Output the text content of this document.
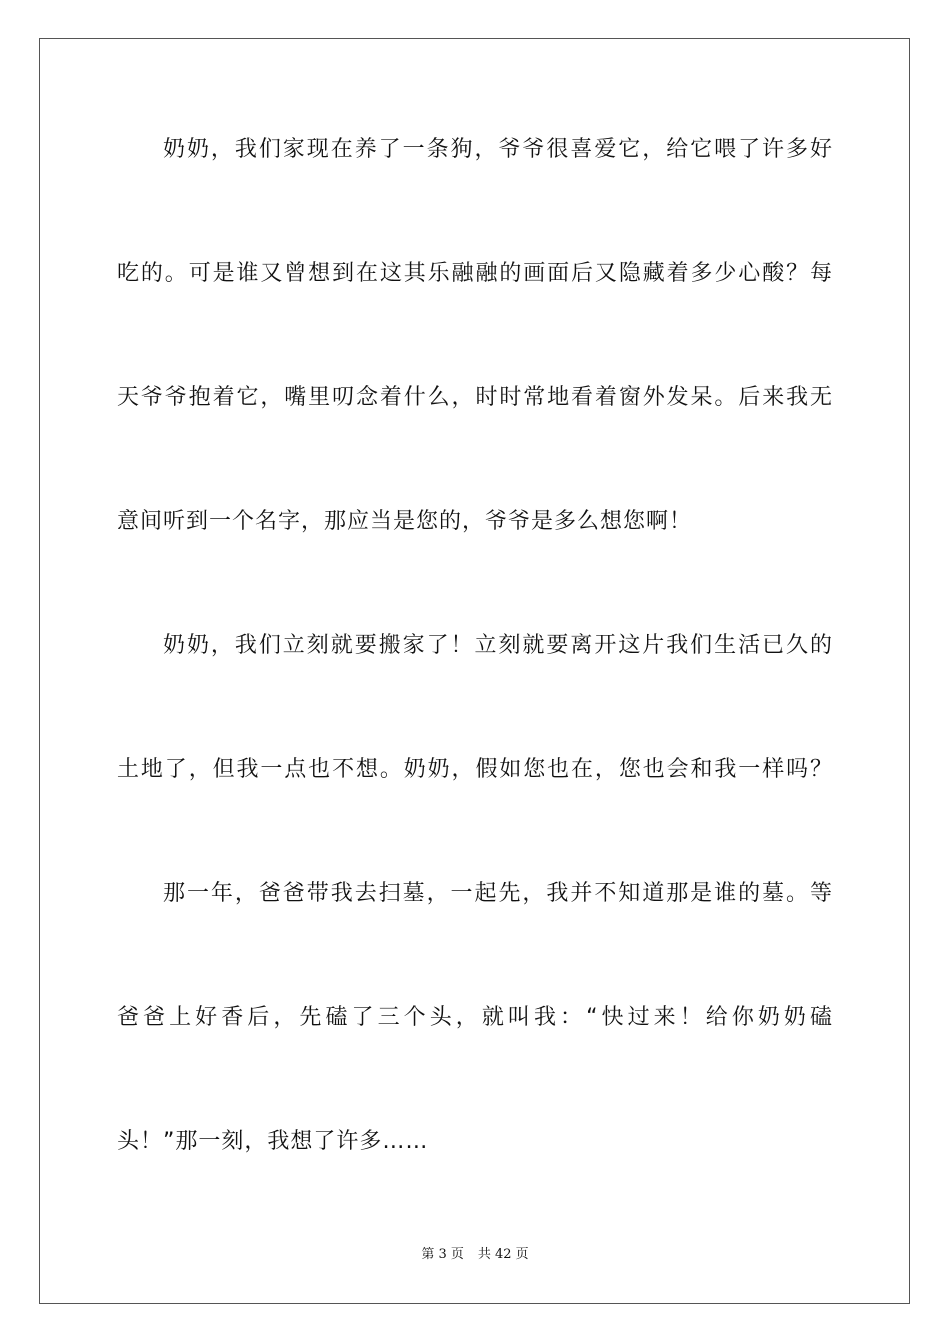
奶奶，我们家现在养了一条狗，爷爷很喜爱它，给它喂了许多好
吃的。可是谁又曾想到在这其乐融融的画面后又隐藏着多少心酸？每
天爷爷抱着它，嘴里叨念着什么，时时常地看着窗外发呆。后来我无
意间听到一个名字，那应当是您的，爷爷是多么想您啊！
奶奶，我们立刻就要搬家了！立刻就要离开这片我们生活已久的
土地了，但我一点也不想。奶奶，假如您也在，您也会和我一样吗？
那一年，爸爸带我去扫墓，一起先，我并不知道那是谁的墓。等
爸爸上好香后，先磕了三个头，就叫我：“快过来！给你奶奶磕
头！”那一刻，我想了许多……
第 3 页 共 42 页
